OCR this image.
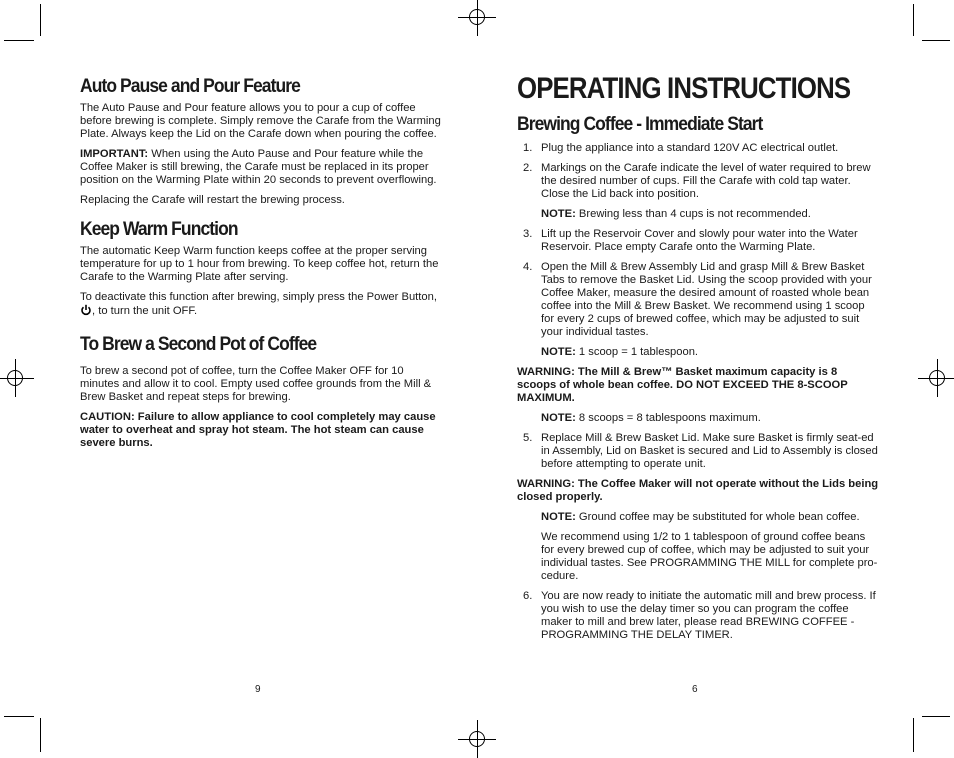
Auto Pause and Pour Feature

The Auto Pause and Pour feature allows you to pour a cup of coffee before brewing is complete. Simply remove the Carafe from the Warming Plate. Always keep the Lid on the Carafe down when pouring the coffee.

IMPORTANT: When using the Auto Pause and Pour feature while the Coffee Maker is still brewing, the Carafe must be replaced in its proper position on the Warming Plate within 20 seconds to prevent overflowing.

Replacing the Carafe will restart the brewing process.

Keep Warm Function

The automatic Keep Warm function keeps coffee at the proper serving temperature for up to 1 hour from brewing. To keep coffee hot, return the Carafe to the Warming Plate after serving.

To deactivate this function after brewing, simply press the Power Button,, to turn the unit OFF.

To Brew a Second Pot of Coffee

To brew a second pot of coffee, turn the Coffee Maker OFF for 10 minutes and allow it to cool. Empty used coffee grounds from the Mill & Brew Basket and repeat steps for brewing.

CAUTION: Failure to allow appliance to cool completely may cause water to overheat and spray hot steam. The hot steam can cause severe burns.

OPERATING INSTRUCTIONS
Brewing Coffee - Immediate Start
1. Plug the appliance into a standard 120V AC electrical outlet.
2. Markings on the Carafe indicate the level of water required to brew the desired number of cups. Fill the Carafe with cold tap water. Close the Lid back into position.

NOTE: Brewing less than 4 cups is not recommended.

3. Lift up the Reservoir Cover and slowly pour water into the Water Reservoir. Place empty Carafe onto the Warming Plate.
4. Open the Mill & Brew Assembly Lid and grasp Mill & Brew Basket Tabs to remove the Basket Lid. Using the scoop provided with your Coffee Maker, measure the desired amount of roasted whole bean coffee into the Mill & Brew Basket. We recommend using 1 scoop for every 2 cups of brewed coffee, which may be adjusted to suit your individual tastes.

NOTE: 1 scoop = 1 tablespoon.

WARNING: The Mill & Brew™ Basket maximum capacity is 8 scoops of whole bean coffee. DO NOT EXCEED THE 8-SCOOP MAXIMUM.

NOTE: 8 scoops = 8 tablespoons maximum.

5. Replace Mill & Brew Basket Lid. Make sure Basket is firmly seat-ed in Assembly, Lid on Basket is secured and Lid to Assembly is closed before attempting to operate unit.

WARNING: The Coffee Maker will not operate without the Lids being closed properly.

NOTE: Ground coffee may be substituted for whole bean coffee.

We recommend using 1/2 to 1 tablespoon of ground coffee beans for every brewed cup of coffee, which may be adjusted to suit your individual tastes. See PROGRAMMING THE MILL for complete pro-cedure.

6. You are now ready to initiate the automatic mill and brew process. If you wish to use the delay timer so you can program the coffee maker to mill and brew later, please read BREWING COFFEE - PROGRAMMING THE DELAY TIMER.
9	6
